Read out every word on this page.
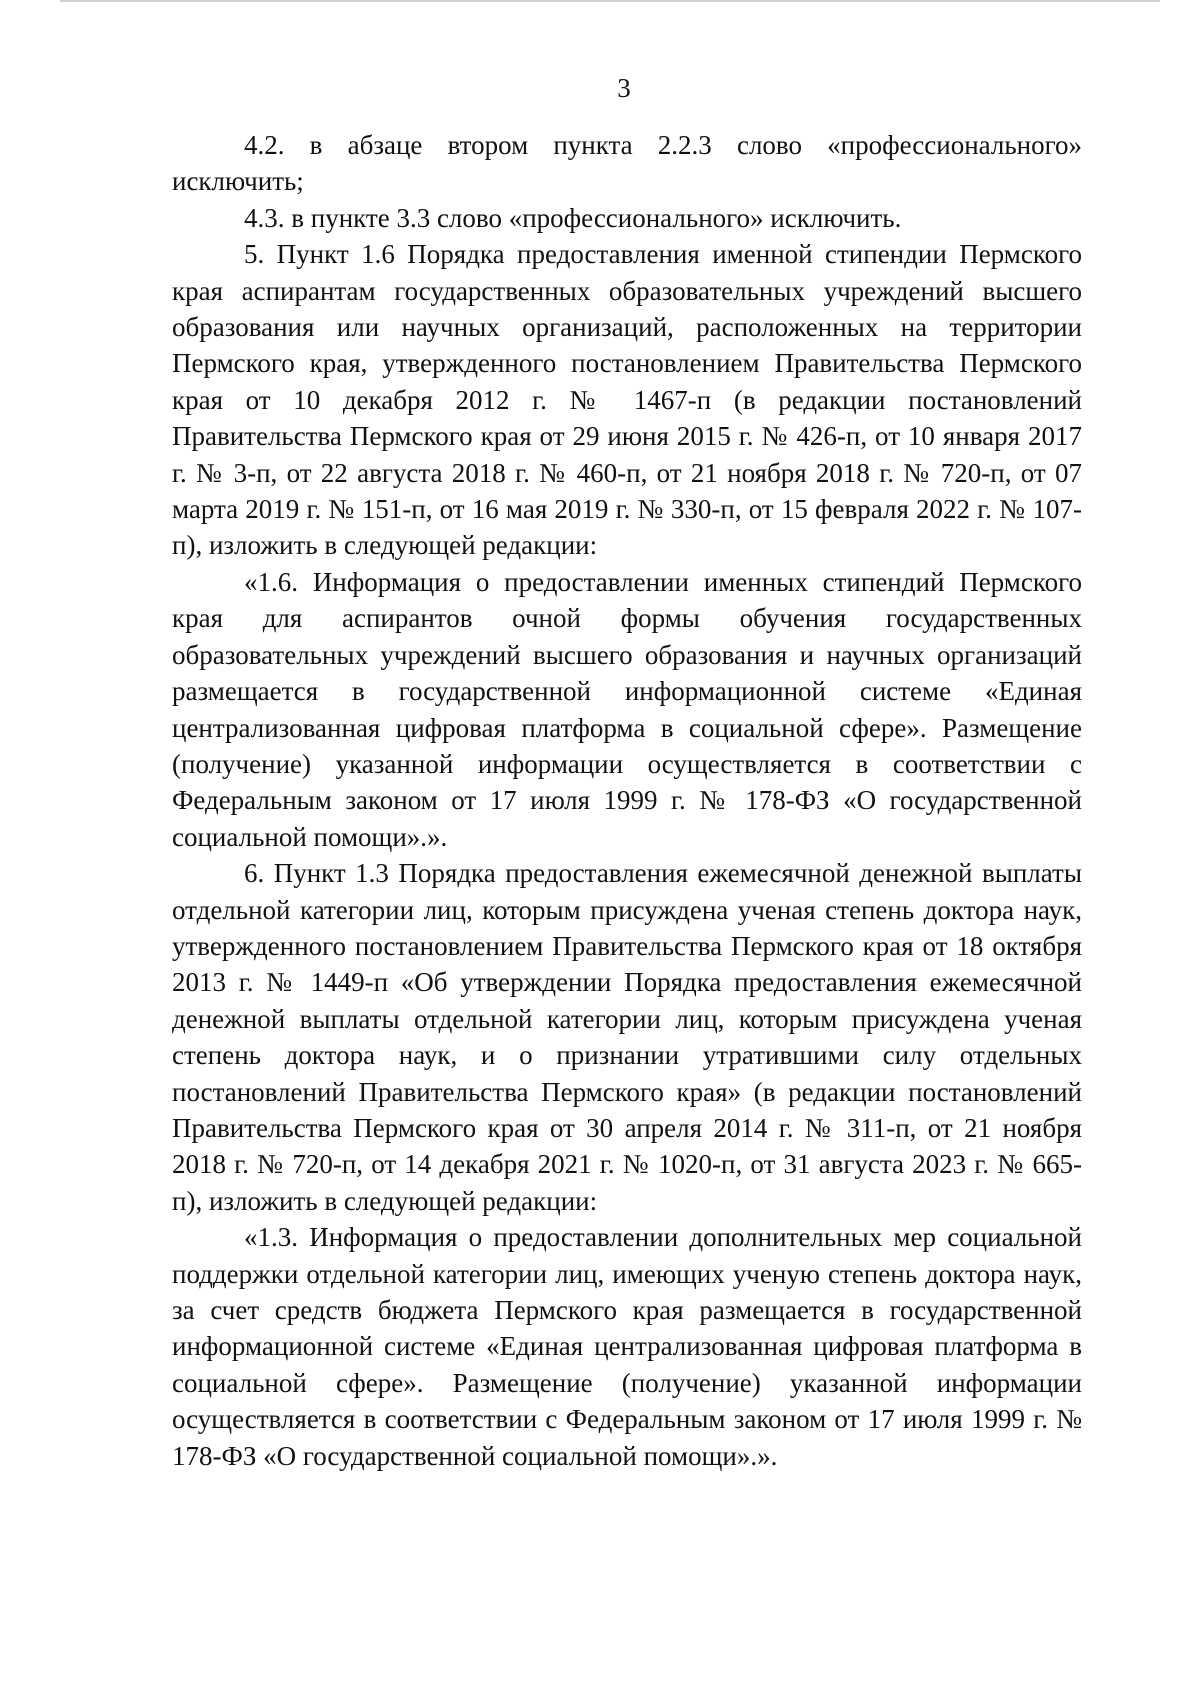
3

4.2. в абзаце втором пункта 2.2.3 слово «профессионального» исключить;

4.3. в пункте 3.3 слово «профессионального» исключить.

5. Пункт 1.6 Порядка предоставления именной стипендии Пермского края аспирантам государственных образовательных учреждений высшего образования или научных организаций, расположенных на территории Пермского края, утвержденного постановлением Правительства Пермского края от 10 декабря 2012 г. № 1467-п (в редакции постановлений Правительства Пермского края от 29 июня 2015 г. № 426-п, от 10 января 2017 г. № 3-п, от 22 августа 2018 г. № 460-п, от 21 ноября 2018 г. № 720-п, от 07 марта 2019 г. № 151-п, от 16 мая 2019 г. № 330-п, от 15 февраля 2022 г. № 107-п), изложить в следующей редакции:

«1.6. Информация о предоставлении именных стипендий Пермского края для аспирантов очной формы обучения государственных образовательных учреждений высшего образования и научных организаций размещается в государственной информационной системе «Единая централизованная цифровая платформа в социальной сфере». Размещение (получение) указанной информации осуществляется в соответствии с Федеральным законом от 17 июля 1999 г. № 178-ФЗ «О государственной социальной помощи».».

6. Пункт 1.3 Порядка предоставления ежемесячной денежной выплаты отдельной категории лиц, которым присуждена ученая степень доктора наук, утвержденного постановлением Правительства Пермского края от 18 октября 2013 г. № 1449-п «Об утверждении Порядка предоставления ежемесячной денежной выплаты отдельной категории лиц, которым присуждена ученая степень доктора наук, и о признании утратившими силу отдельных постановлений Правительства Пермского края» (в редакции постановлений Правительства Пермского края от 30 апреля 2014 г. № 311-п, от 21 ноября 2018 г. № 720-п, от 14 декабря 2021 г. № 1020-п, от 31 августа 2023 г. № 665-п), изложить в следующей редакции:

«1.3. Информация о предоставлении дополнительных мер социальной поддержки отдельной категории лиц, имеющих ученую степень доктора наук, за счет средств бюджета Пермского края размещается в государственной информационной системе «Единая централизованная цифровая платформа в социальной сфере». Размещение (получение) указанной информации осуществляется в соответствии с Федеральным законом от 17 июля 1999 г. № 178-ФЗ «О государственной социальной помощи».».
